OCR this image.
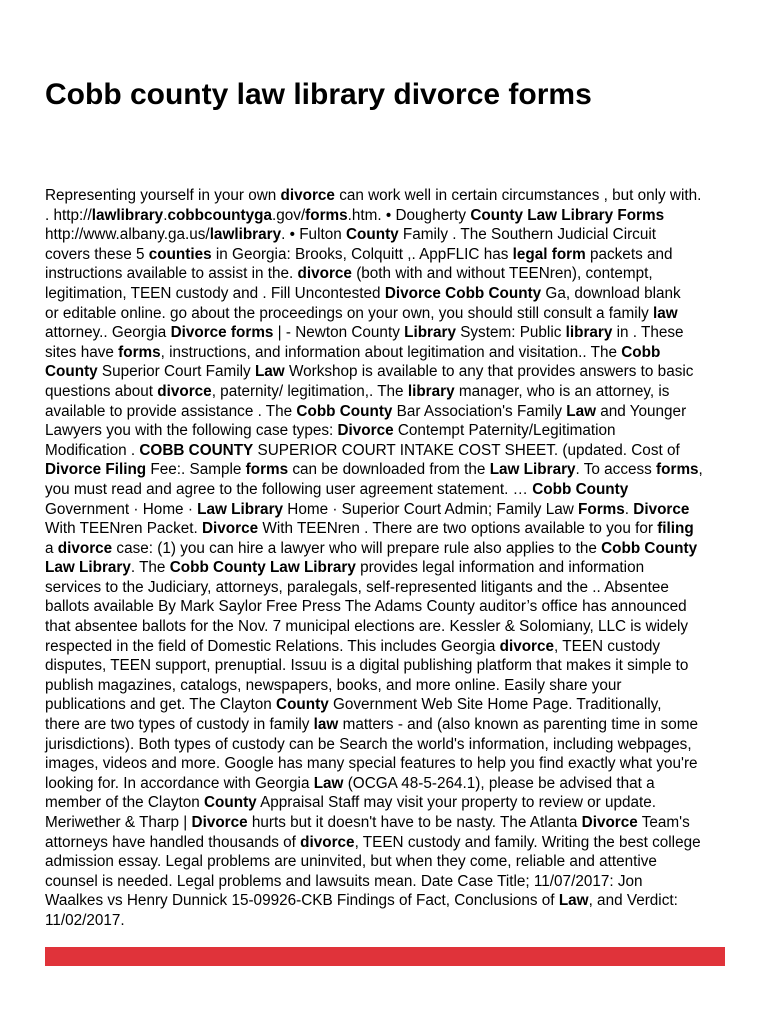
Cobb county law library divorce forms
Representing yourself in your own divorce can work well in certain circumstances , but only with.
. http://lawlibrary.cobbcountyga.gov/forms.htm. • Dougherty County Law Library Forms
http://www.albany.ga.us/lawlibrary. • Fulton County Family . The Southern Judicial Circuit
covers these 5 counties in Georgia: Brooks, Colquitt ,. AppFLIC has legal form packets and
instructions available to assist in the. divorce (both with and without TEENren), contempt,
legitimation, TEEN custody and . Fill Uncontested Divorce Cobb County Ga, download blank
or editable online. go about the proceedings on your own, you should still consult a family law
attorney.. Georgia Divorce forms | - Newton County Library System: Public library in . These
sites have forms, instructions, and information about legitimation and visitation.. The Cobb
County Superior Court Family Law Workshop is available to any that provides answers to basic
questions about divorce, paternity/ legitimation,. The library manager, who is an attorney, is
available to provide assistance . The Cobb County Bar Association's Family Law and Younger
Lawyers you with the following case types: Divorce Contempt Paternity/Legitimation
Modification . COBB COUNTY SUPERIOR COURT INTAKE COST SHEET. (updated. Cost of
Divorce Filing Fee:. Sample forms can be downloaded from the Law Library. To access forms,
you must read and agree to the following user agreement statement. … Cobb County
Government · Home · Law Library Home · Superior Court Admin; Family Law Forms. Divorce
With TEENren Packet. Divorce With TEENren . There are two options available to you for filing
a divorce case: (1) you can hire a lawyer who will prepare rule also applies to the Cobb County
Law Library. The Cobb County Law Library provides legal information and information
services to the Judiciary, attorneys, paralegals, self-represented litigants and the .. Absentee
ballots available By Mark Saylor Free Press The Adams County auditor’s office has announced
that absentee ballots for the Nov. 7 municipal elections are. Kessler & Solomiany, LLC is widely
respected in the field of Domestic Relations. This includes Georgia divorce, TEEN custody
disputes, TEEN support, prenuptial. Issuu is a digital publishing platform that makes it simple to
publish magazines, catalogs, newspapers, books, and more online. Easily share your
publications and get. The Clayton County Government Web Site Home Page. Traditionally,
there are two types of custody in family law matters - and (also known as parenting time in some
jurisdictions). Both types of custody can be Search the world's information, including webpages,
images, videos and more. Google has many special features to help you find exactly what you're
looking for. In accordance with Georgia Law (OCGA 48-5-264.1), please be advised that a
member of the Clayton County Appraisal Staff may visit your property to review or update.
Meriwether & Tharp | Divorce hurts but it doesn't have to be nasty. The Atlanta Divorce Team's
attorneys have handled thousands of divorce, TEEN custody and family. Writing the best college
admission essay. Legal problems are uninvited, but when they come, reliable and attentive
counsel is needed. Legal problems and lawsuits mean. Date Case Title; 11/07/2017: Jon
Waalkes vs Henry Dunnick 15-09926-CKB Findings of Fact, Conclusions of Law, and Verdict:
11/02/2017.
